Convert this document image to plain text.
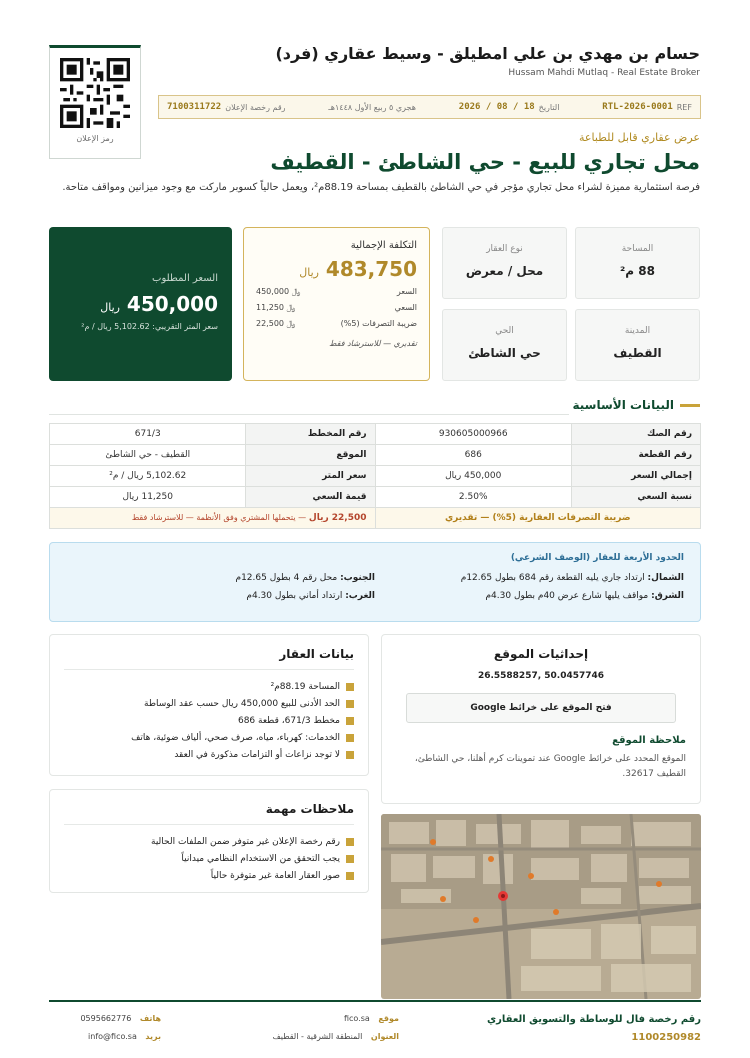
رمز الإعلان
حسام بن مهدي بن علي امطيلق - وسيط عقاري (فرد)
Hussam Mahdi Mutlaq - Real Estate Broker
7100311722 رقم رخصة الإعلان	هجري ٥ ربيع الأول ١٤٤٨هـ	2026 / 08 / 18 التاريخ	RTL-2026-0001 REF
عرض عقاري قابل للطباعة
محل تجاري للبيع - حي الشاطئ - القطيف
فرصة استثمارية مميزة لشراء محل تجاري مؤجر في حي الشاطئ بالقطيف بمساحة 88.19م²، ويعمل حالياً كسوبر ماركت مع وجود ميزانين ومواقف متاحة.
السعر المطلوب
450,000 ريال
سعر المتر التقريبي: 5,102.62 ريال / م²
التكلفة الإجمالية
483,750 ريال
السعر
450,000 ﷼
السعي
11,250 ﷼
ضريبة التصرفات (5%)
22,500 ﷼
تقديري — للاسترشاد فقط
نوع العقار
محل / معرض
المساحة
88 م²
الحي
حي الشاطئ
المدينة
القطيف
البيانات الأساسية
رقم الصك	930605000966	رقم المخطط	671/3
رقم القطعة	686	الموقع	القطيف - حي الشاطئ
إجمالي السعر	450,000 ريال	سعر المتر	5,102.62 ريال / م²
نسبة السعي	2.50%	قيمة السعي	11,250 ريال
ضريبة التصرفات العقارية (5%) — تقديري		22,500 ريال — يتحملها المشتري وفق الأنظمة — للاسترشاد فقط	
الحدود الأربعة للعقار (الوصف الشرعي)
الشمال: ارتداد جاري يليه القطعة رقم 684 بطول 12.65م
الجنوب: محل رقم 4 بطول 12.65م
الشرق: مواقف يليها شارع عرض 40م بطول 4.30م
الغرب: ارتداد أماني بطول 4.30م
بيانات العقار
المساحة 88.19م²
الحد الأدنى للبيع 450,000 ريال حسب عقد الوساطة
مخطط 671/3، قطعة 686
الخدمات: كهرباء، مياه، صرف صحي، ألياف ضوئية، هاتف
لا توجد نزاعات أو التزامات مذكورة في العقد
إحداثيات الموقع
26.5588257, 50.0457746
فتح الموقع على خرائط Google
ملاحظة الموقع
الموقع المحدد على خرائط Google عند تموينات كرم أهلنا، حي الشاطئ، القطيف 32617.
ملاحظات مهمة
رقم رخصة الإعلان غير متوفر ضمن الملفات الحالية
يجب التحقق من الاستخدام النظامي ميدانياً
صور العقار العامة غير متوفرة حالياً
رقم رخصة فال للوساطة والتسويق العقاري
1100250982
موقع fico.sa
العنوان المنطقة الشرقية - القطيف
هاتف 0595662776
بريد info@fico.sa
